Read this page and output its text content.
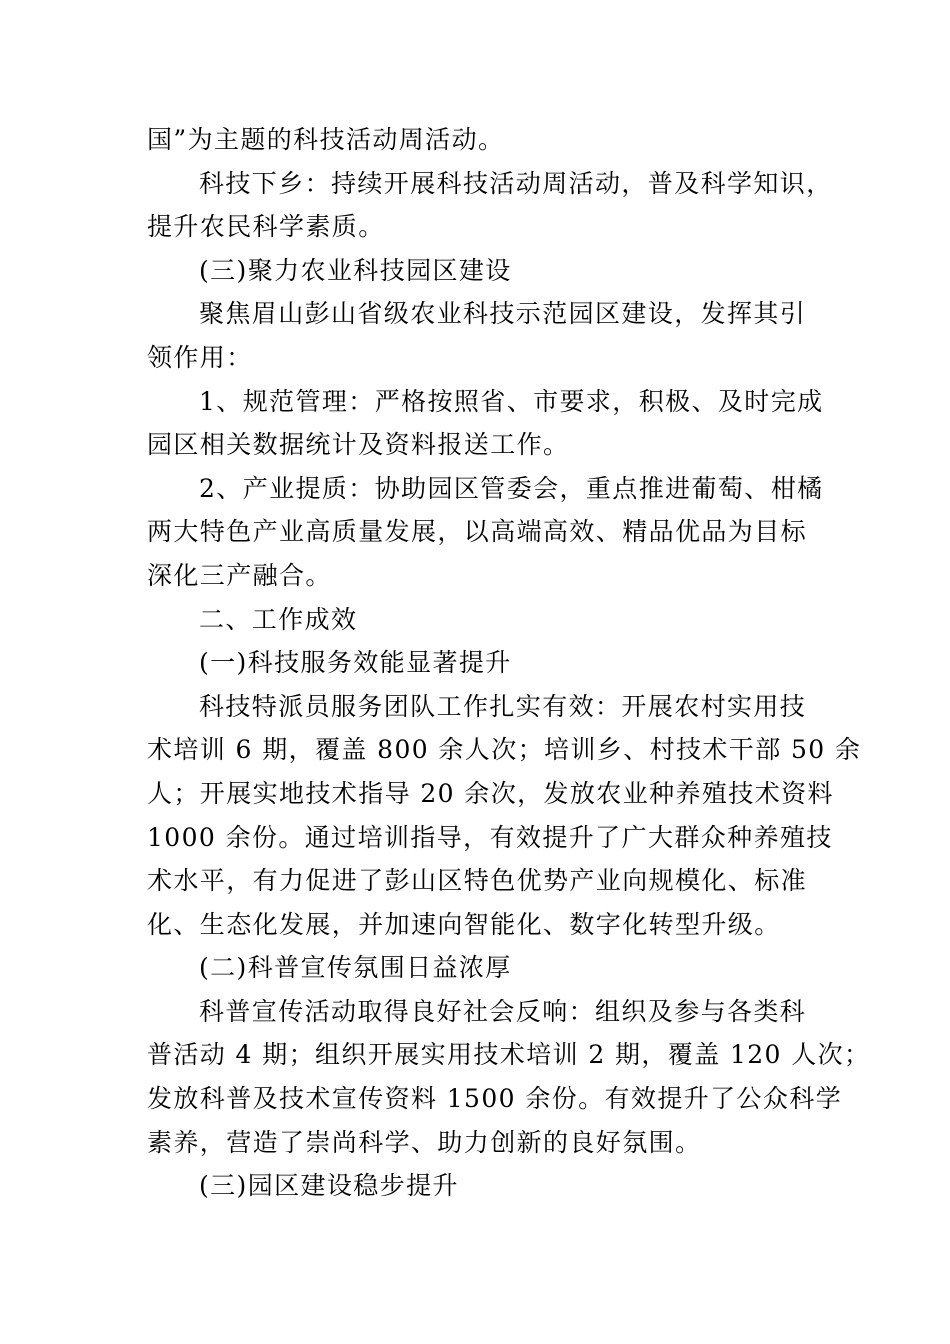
国”为主题的科技活动周活动。
科技下乡：持续开展科技活动周活动，普及科学知识，
提升农民科学素质。
(三)聚力农业科技园区建设
聚焦眉山彭山省级农业科技示范园区建设，发挥其引
领作用：
1、规范管理：严格按照省、市要求，积极、及时完成
园区相关数据统计及资料报送工作。
2、产业提质：协助园区管委会，重点推进葡萄、柑橘
两大特色产业高质量发展，以高端高效、精品优品为目标
深化三产融合。
二、工作成效
(一)科技服务效能显著提升
科技特派员服务团队工作扎实有效：开展农村实用技
术培训 6 期，覆盖 800 余人次；培训乡、村技术干部 50 余
人；开展实地技术指导 20 余次，发放农业种养殖技术资料
1000 余份。通过培训指导，有效提升了广大群众种养殖技
术水平，有力促进了彭山区特色优势产业向规模化、标准
化、生态化发展，并加速向智能化、数字化转型升级。
(二)科普宣传氛围日益浓厚
科普宣传活动取得良好社会反响：组织及参与各类科
普活动 4 期；组织开展实用技术培训 2 期，覆盖 120 人次；
发放科普及技术宣传资料 1500 余份。有效提升了公众科学
素养，营造了崇尚科学、助力创新的良好氛围。
(三)园区建设稳步提升
